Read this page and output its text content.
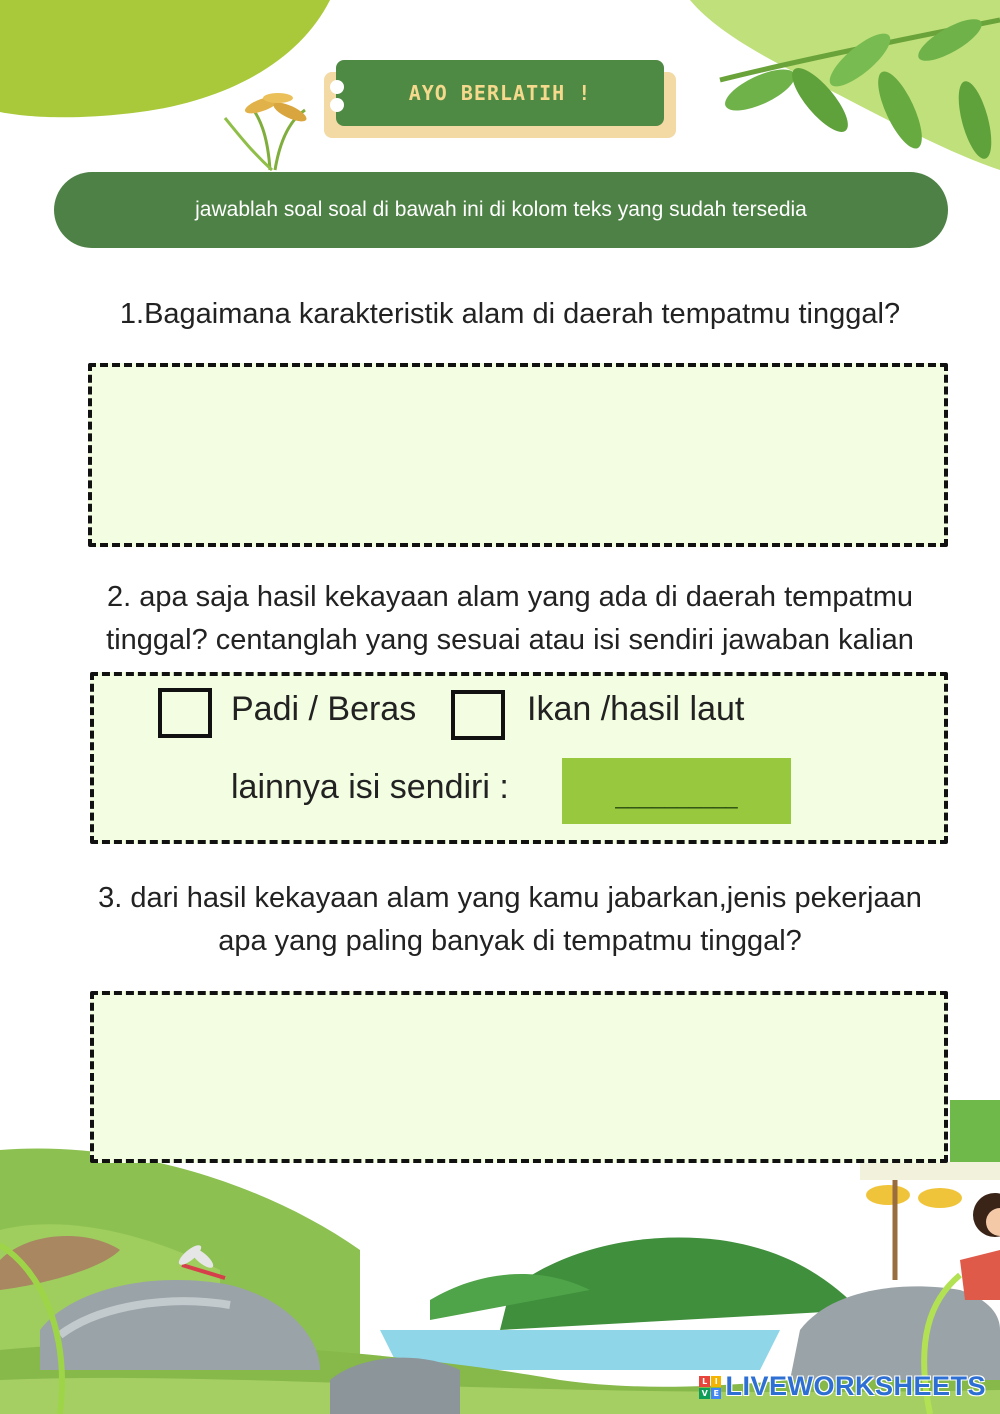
AYO BERLATIH !
jawablah soal soal di bawah ini di kolom teks yang sudah tersedia
1.Bagaimana karakteristik alam di daerah tempatmu tinggal?
2. apa saja hasil kekayaan alam yang ada di daerah tempatmu
tinggal? centanglah yang sesuai atau isi sendiri jawaban kalian
Padi / Beras	Ikan /hasil laut
lainnya isi sendiri :	__________
3. dari hasil kekayaan alam yang kamu jabarkan,jenis pekerjaan
apa yang paling banyak di tempatmu tinggal?
L I
V E LIVEWORKSHEETS
